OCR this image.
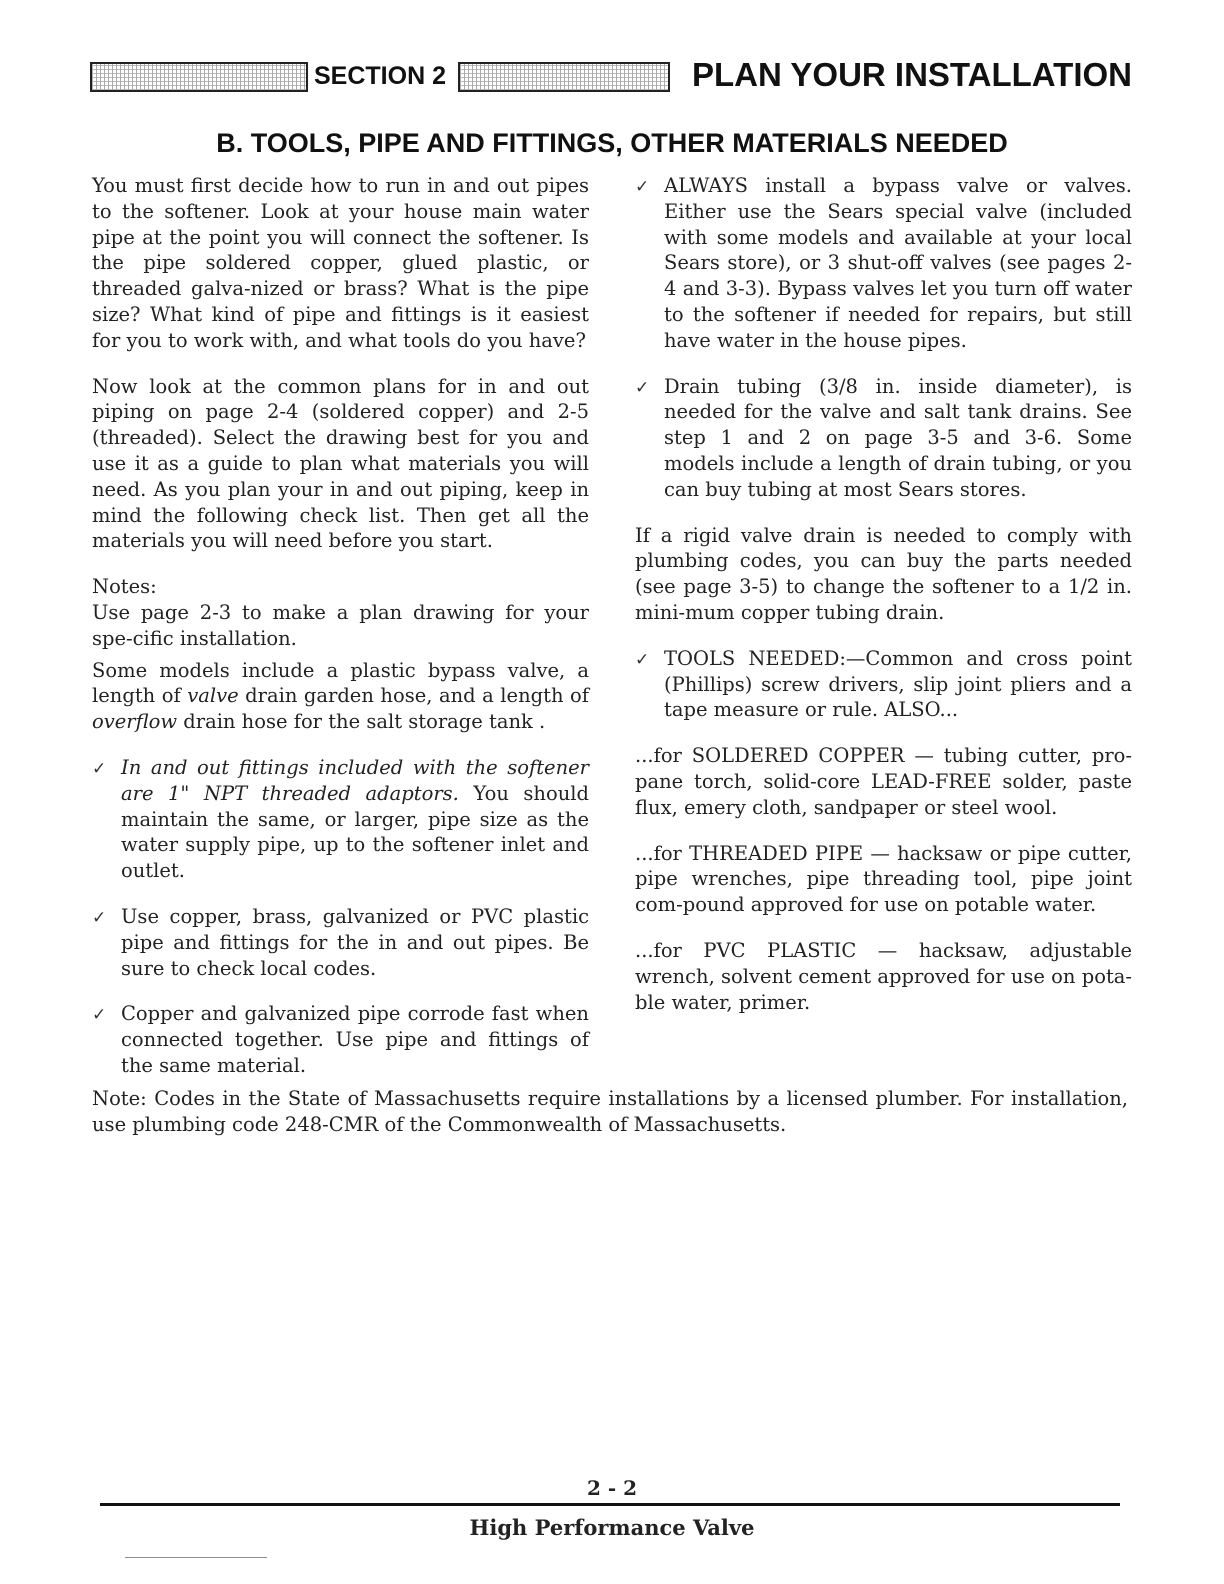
SECTION 2	PLAN YOUR INSTALLATION
B. TOOLS, PIPE AND FITTINGS, OTHER MATERIALS NEEDED

You must first decide how to run in and out pipes to the softener. Look at your house main water pipe at the point you will connect the softener. Is the pipe soldered copper, glued plastic, or threaded galva-nized or brass? What is the pipe size? What kind of pipe and fittings is it easiest for you to work with, and what tools do you have?

Now look at the common plans for in and out piping on page 2-4 (soldered copper) and 2-5 (threaded). Select the drawing best for you and use it as a guide to plan what materials you will need. As you plan your in and out piping, keep in mind the following check list. Then get all the materials you will need before you start.

Notes:

Use page 2-3 to make a plan drawing for your spe-cific installation.

Some models include a plastic bypass valve, a length of valve drain garden hose, and a length of overflow drain hose for the salt storage tank .

✓ In and out fittings included with the softener are 1" NPT threaded adaptors. You should maintain the same, or larger, pipe size as the water supply pipe, up to the softener inlet and outlet.
✓ Use copper, brass, galvanized or PVC plastic pipe and fittings for the in and out pipes. Be sure to check local codes.
✓ Copper and galvanized pipe corrode fast when connected together. Use pipe and fittings of the same material.
✓ ALWAYS install a bypass valve or valves. Either use the Sears special valve (included with some models and available at your local Sears store), or 3 shut-off valves (see pages 2-4 and 3-3). Bypass valves let you turn off water to the softener if needed for repairs, but still have water in the house pipes.
✓ Drain tubing (3/8 in. inside diameter), is needed for the valve and salt tank drains. See step 1 and 2 on page 3-5 and 3-6. Some models include a length of drain tubing, or you can buy tubing at most Sears stores.

If a rigid valve drain is needed to comply with plumbing codes, you can buy the parts needed (see page 3-5) to change the softener to a 1/2 in. mini-mum copper tubing drain.

✓ TOOLS NEEDED:—Common and cross point (Phillips) screw drivers, slip joint pliers and a tape measure or rule. ALSO...

...for SOLDERED COPPER — tubing cutter, pro-pane torch, solid-core LEAD-FREE solder, paste flux, emery cloth, sandpaper or steel wool.

...for THREADED PIPE — hacksaw or pipe cutter, pipe wrenches, pipe threading tool, pipe joint com-pound approved for use on potable water.

...for PVC PLASTIC — hacksaw, adjustable wrench, solvent cement approved for use on pota-ble water, primer.

Note: Codes in the State of Massachusetts require installations by a licensed plumber. For installation, use plumbing code 248-CMR of the Commonwealth of Massachusetts.
2 - 2
High Performance Valve
